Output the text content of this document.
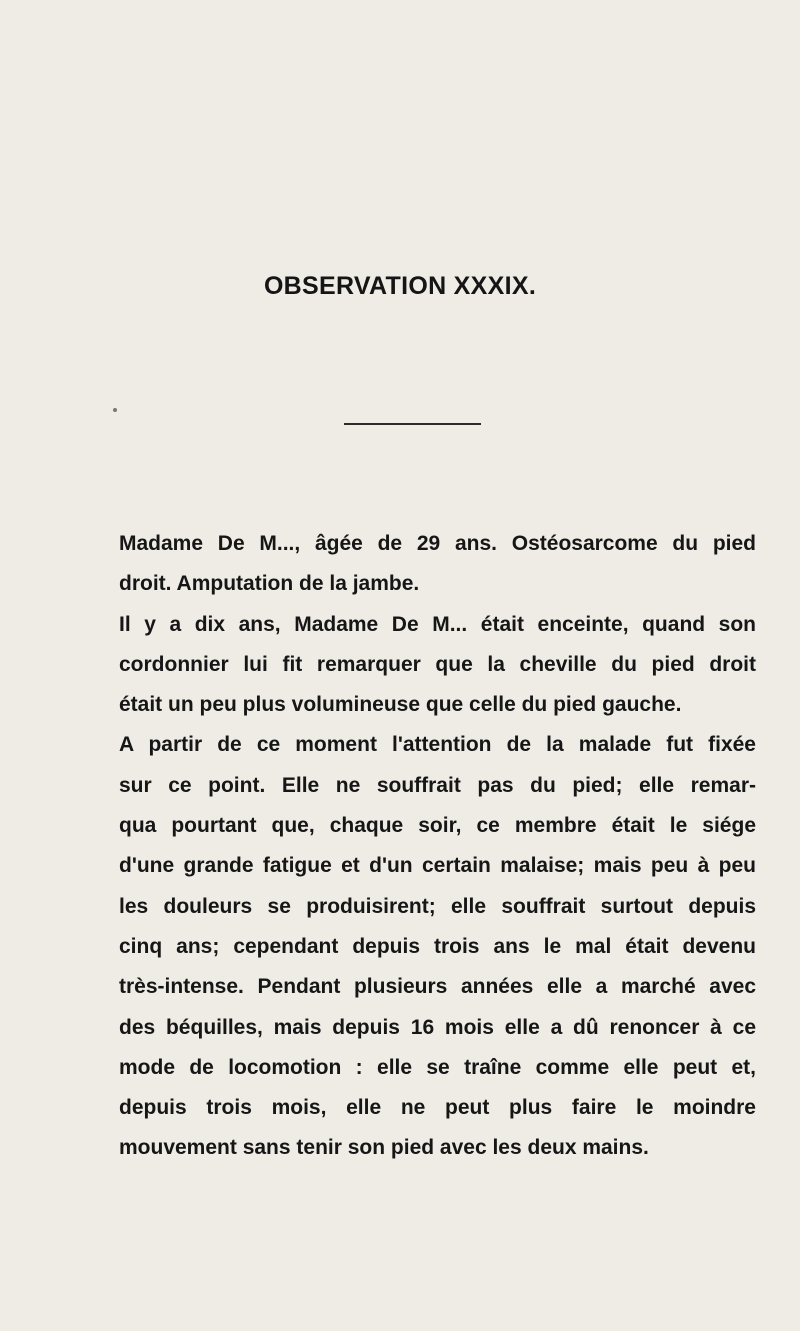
OBSERVATION XXXIX.

Madame De M..., âgée de 29 ans. Ostéosarcome du pied
droit. Amputation de la jambe.

Il y a dix ans, Madame De M... était enceinte, quand son
cordonnier lui fit remarquer que la cheville du pied droit
était un peu plus volumineuse que celle du pied gauche.

A partir de ce moment l'attention de la malade fut fixée
sur ce point. Elle ne souffrait pas du pied; elle remar-
qua pourtant que, chaque soir, ce membre était le siége
d'une grande fatigue et d'un certain malaise; mais peu à peu
les douleurs se produisirent; elle souffrait surtout depuis
cinq ans; cependant depuis trois ans le mal était devenu
très-intense. Pendant plusieurs années elle a marché avec
des béquilles, mais depuis 16 mois elle a dû renoncer à ce
mode de locomotion : elle se traîne comme elle peut et,
depuis trois mois, elle ne peut plus faire le moindre
mouvement sans tenir son pied avec les deux mains.
